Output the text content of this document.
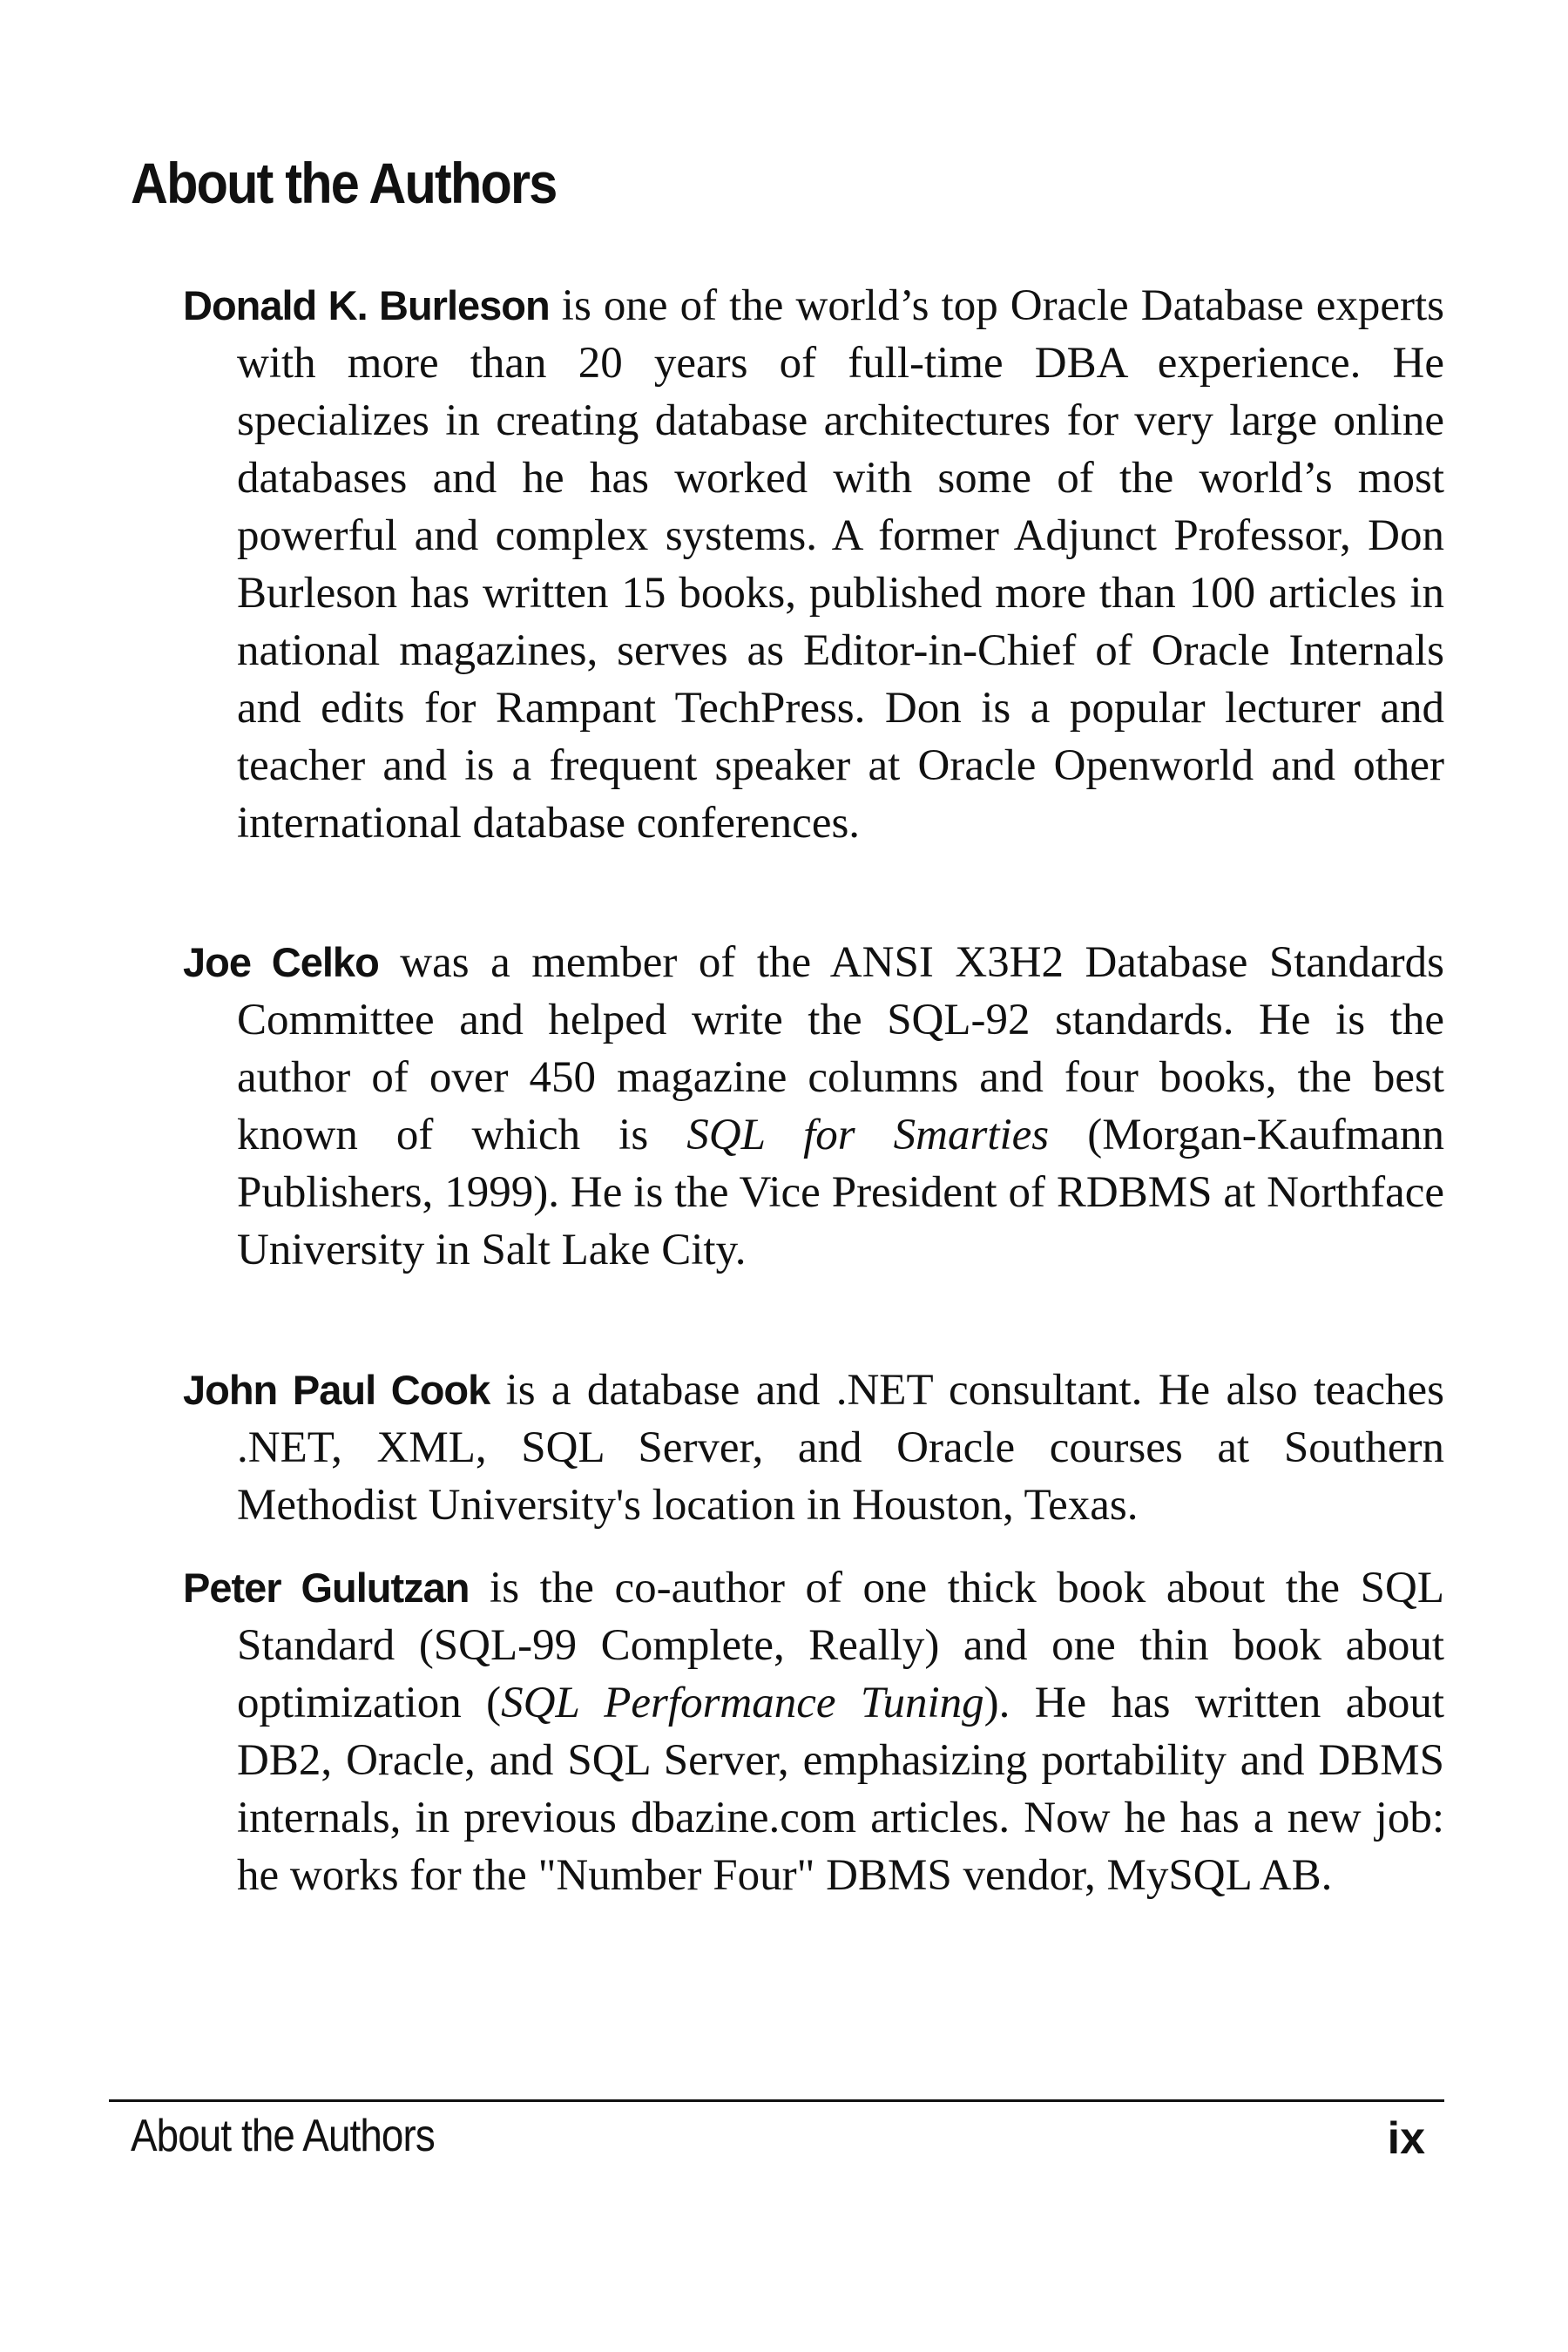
About the Authors

Donald K. Burleson is one of the world’s top Oracle Database experts with more than 20 years of full-time DBA experience. He specializes in creating database architectures for very large online databases and he has worked with some of the world’s most powerful and complex systems. A former Adjunct Professor, Don Burleson has written 15 books, published more than 100 articles in national magazines, serves as Editor-in-Chief of Oracle Internals and edits for Rampant TechPress. Don is a popular lecturer and teacher and is a frequent speaker at Oracle Openworld and other international database conferences.

Joe Celko was a member of the ANSI X3H2 Database Standards Committee and helped write the SQL-92 standards. He is the author of over 450 magazine columns and four books, the best known of which is SQL for Smarties (Morgan-Kaufmann Publishers, 1999). He is the Vice President of RDBMS at Northface University in Salt Lake City.

John Paul Cook is a database and .NET consultant. He also teaches .NET, XML, SQL Server, and Oracle courses at Southern Methodist University's location in Houston, Texas.

Peter Gulutzan is the co-author of one thick book about the SQL Standard (SQL-99 Complete, Really) and one thin book about optimization (SQL Performance Tuning). He has written about DB2, Oracle, and SQL Server, emphasizing portability and DBMS internals, in previous dbazine.com articles. Now he has a new job: he works for the "Number Four" DBMS vendor, MySQL AB.

About the Authors	ix
